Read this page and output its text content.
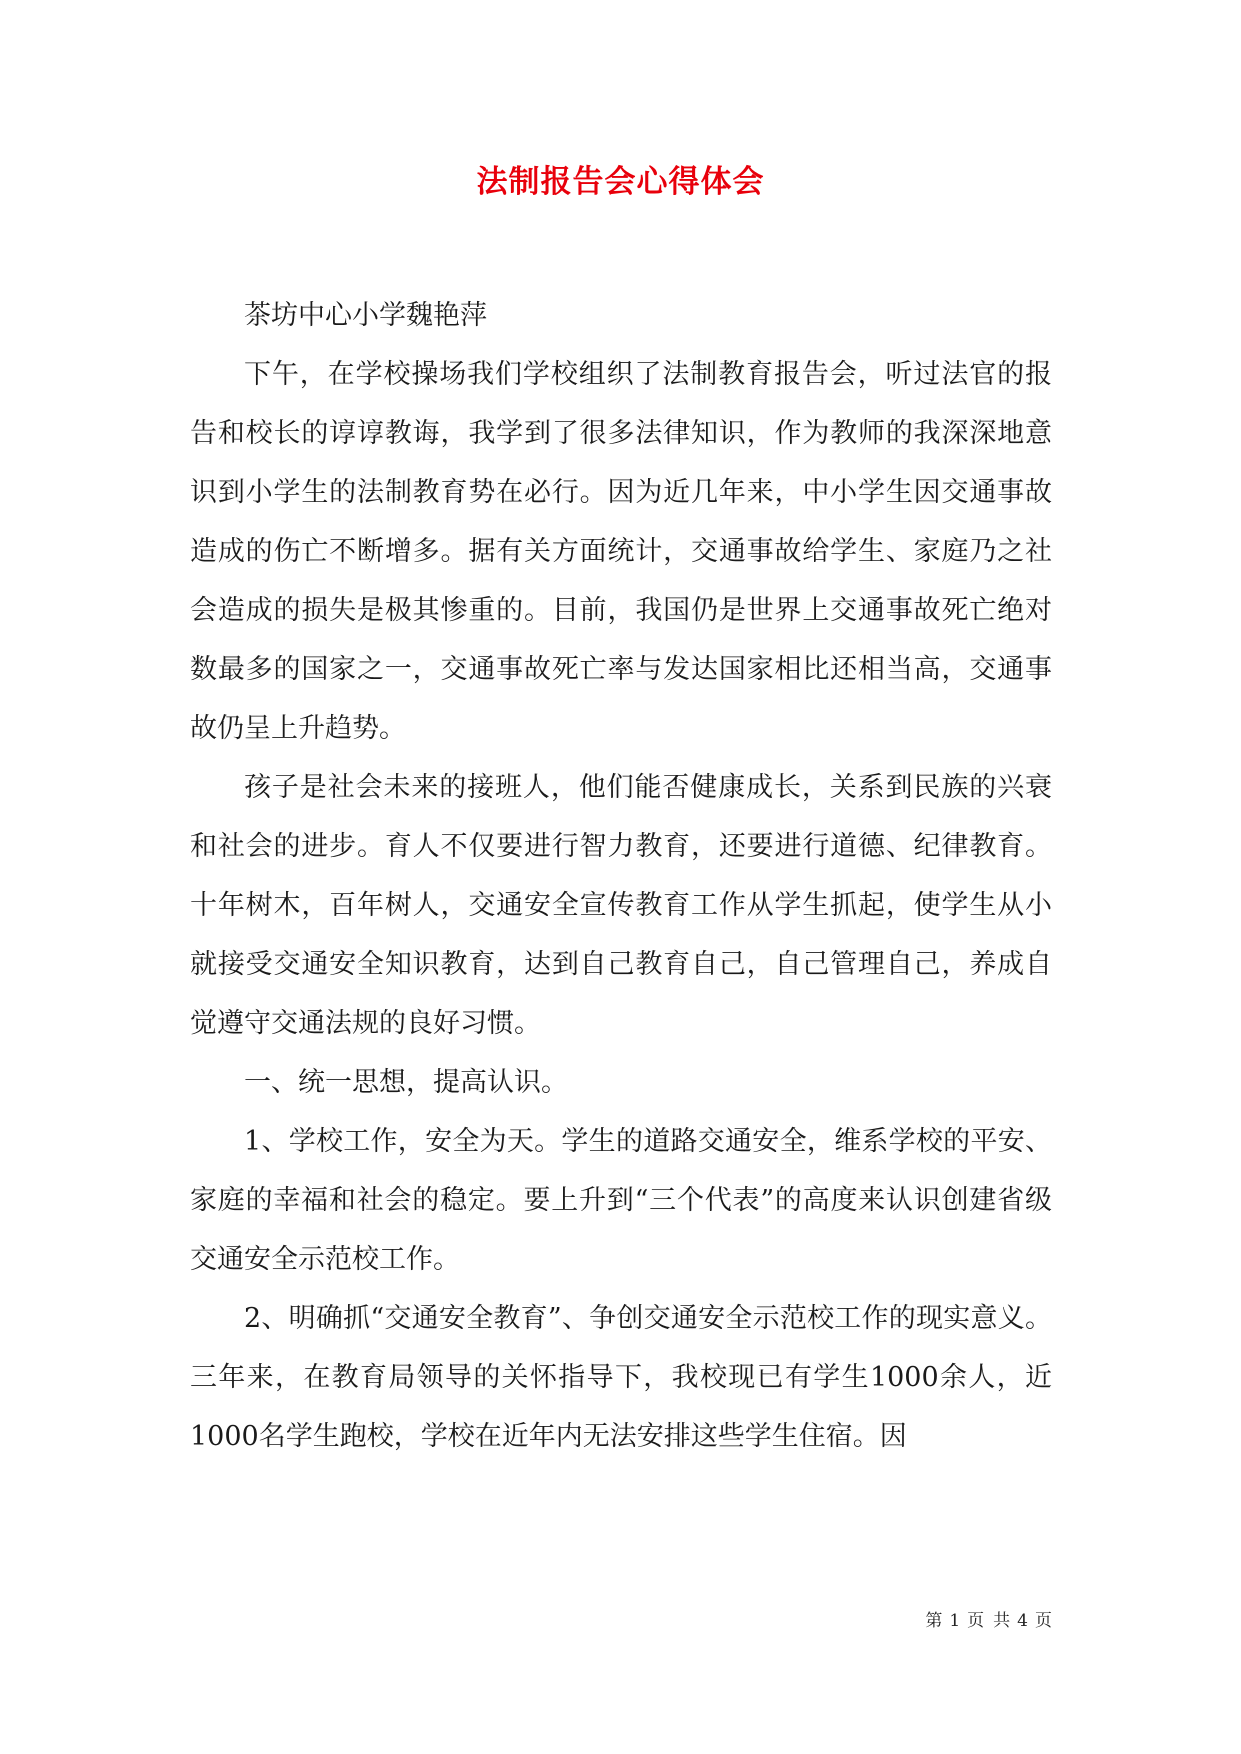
法制报告会心得体会

茶坊中心小学魏艳萍

下午，在学校操场我们学校组织了法制教育报告会，听过法官的报告和校长的谆谆教诲，我学到了很多法律知识，作为教师的我深深地意识到小学生的法制教育势在必行。因为近几年来，中小学生因交通事故造成的伤亡不断增多。据有关方面统计，交通事故给学生、家庭乃之社会造成的损失是极其惨重的。目前，我国仍是世界上交通事故死亡绝对数最多的国家之一，交通事故死亡率与发达国家相比还相当高，交通事故仍呈上升趋势。

孩子是社会未来的接班人，他们能否健康成长，关系到民族的兴衰和社会的进步。育人不仅要进行智力教育，还要进行道德、纪律教育。十年树木，百年树人，交通安全宣传教育工作从学生抓起，使学生从小就接受交通安全知识教育，达到自己教育自己，自己管理自己，养成自觉遵守交通法规的良好习惯。

一、统一思想，提高认识。

1、学校工作，安全为天。学生的道路交通安全，维系学校的平安、家庭的幸福和社会的稳定。要上升到“三个代表”的高度来认识创建省级交通安全示范校工作。

2、明确抓“交通安全教育”、争创交通安全示范校工作的现实意义。三年来，在教育局领导的关怀指导下，我校现已有学生1000余人，近1000名学生跑校，学校在近年内无法安排这些学生住宿。因

第 1 页 共 4 页
